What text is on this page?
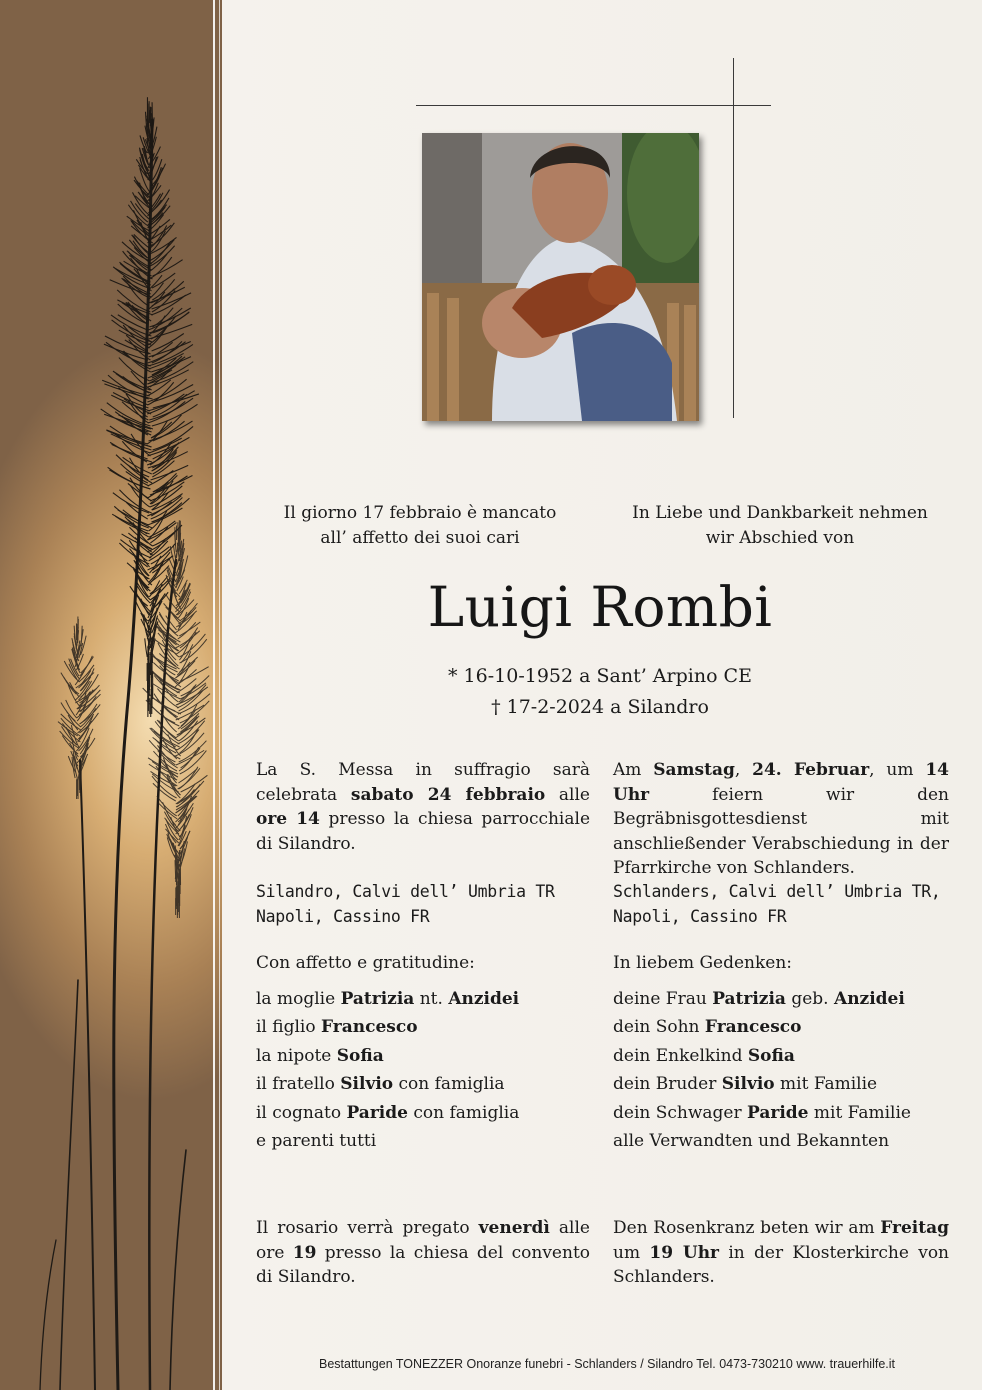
Il giorno 17 febbraio è mancato
all’ affetto dei suoi cari
In Liebe und Dankbarkeit nehmen
wir Abschied von
Luigi Rombi
* 16-10-1952 a Sant’ Arpino CE
† 17-2-2024 a Silandro
La S. Messa in suffragio sarà celebrata sabato 24 febbraio alle ore 14 presso la chiesa parrocchiale di Silandro.
Am Samstag, 24. Februar, um 14 Uhr feiern wir den Begräbnisgottesdienst mit anschließender Verabschiedung in der Pfarrkirche von Schlanders.
Silandro, Calvi dell’ Umbria TR
Napoli, Cassino FR
Schlanders, Calvi dell’ Umbria TR,
Napoli, Cassino FR
Con affetto e gratitudine:	In liebem Gedenken:
la moglie Patrizia nt. Anzidei
il figlio Francesco
la nipote Sofia
il fratello Silvio con famiglia
il cognato Paride con famiglia
e parenti tutti
deine Frau Patrizia geb. Anzidei
dein Sohn Francesco
dein Enkelkind Sofia
dein Bruder Silvio mit Familie
dein Schwager Paride mit Familie
alle Verwandten und Bekannten
Il rosario verrà pregato venerdì alle ore 19 presso la chiesa del convento di Silandro.
Den Rosenkranz beten wir am Freitag um 19 Uhr in der Klosterkirche von Schlanders.
Bestattungen TONEZZER Onoranze funebri - Schlanders / Silandro Tel. 0473-730210 www. trauerhilfe.it
